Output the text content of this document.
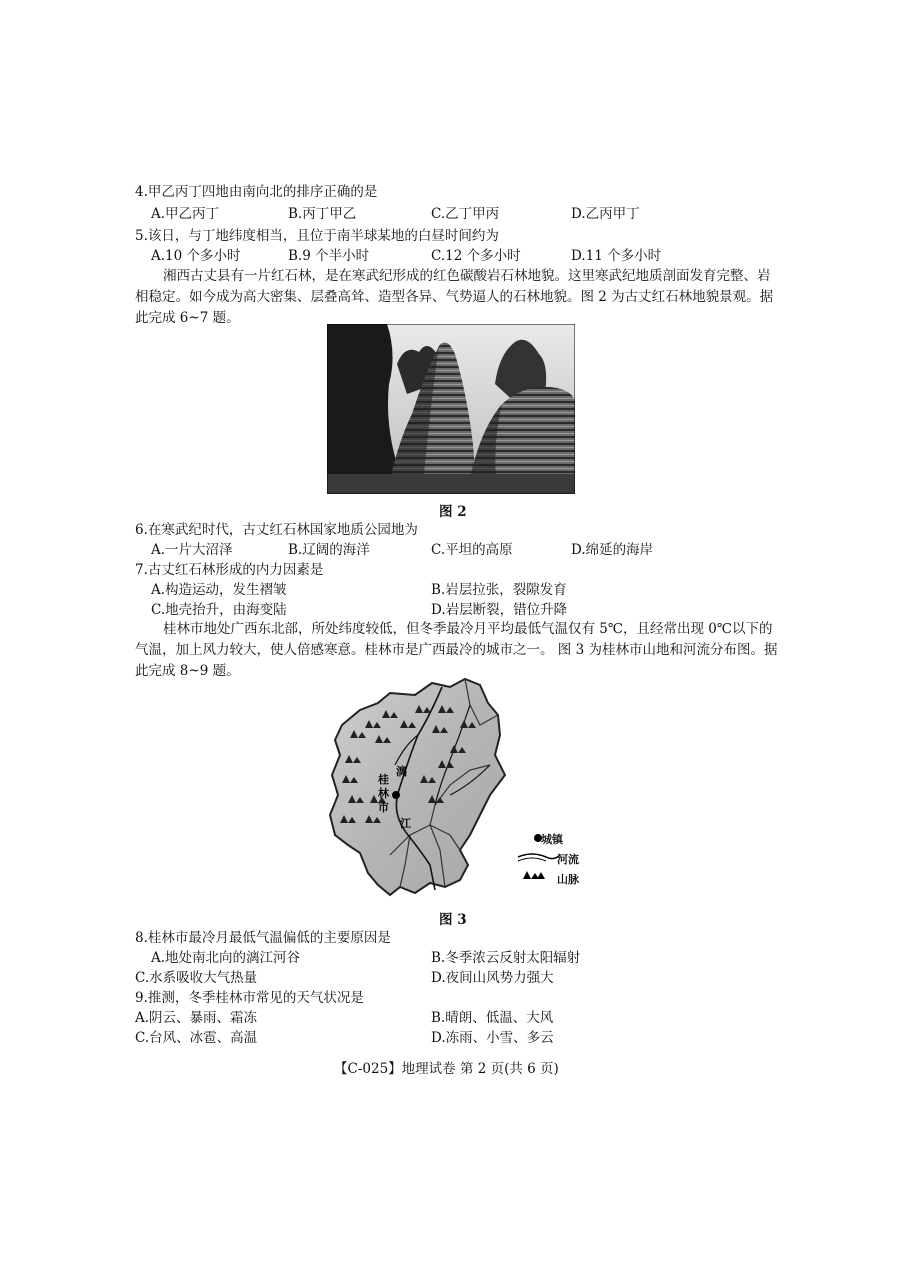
4.甲乙丙丁四地由南向北的排序正确的是
A.甲乙丙丁	B.丙丁甲乙	C.乙丁甲丙	D.乙丙甲丁
5.该日，与丁地纬度相当，且位于南半球某地的白昼时间约为
A.10 个多小时	B.9 个半小时	C.12 个多小时	D.11 个多小时
湘西古丈县有一片红石林，是在寒武纪形成的红色碳酸岩石林地貌。这里寒武纪地质剖面发育完整、岩相稳定。如今成为高大密集、层叠高耸、造型各异、气势逼人的石林地貌。图 2 为古丈红石林地貌景观。据此完成 6~7 题。
图 2
6.在寒武纪时代，古丈红石林国家地质公园地为
A.一片大沼泽	B.辽阔的海洋	C.平坦的高原	D.绵延的海岸
7.古丈红石林形成的内力因素是
A.构造运动，发生褶皱	B.岩层拉张，裂隙发育
C.地壳抬升，由海变陆	D.岩层断裂，错位升降
桂林市地处广西东北部，所处纬度较低，但冬季最冷月平均最低气温仅有 5℃，且经常出现 0℃以下的气温，加上风力较大，使人倍感寒意。桂林市是广西最冷的城市之一。 图 3 为桂林市山地和河流分布图。据此完成 8~9 题。
桂
林
市
漓
江
城镇
河流
山脉
图 3
8.桂林市最冷月最低气温偏低的主要原因是
A.地处南北向的漓江河谷	B.冬季浓云反射太阳辐射
C.水系吸收大气热量	D.夜间山风势力强大
9.推测，冬季桂林市常见的天气状况是
A.阴云、暴雨、霜冻	B.晴朗、低温、大风
C.台风、冰雹、高温	D.冻雨、小雪、多云
【C-025】地理试卷 第 2 页(共 6 页)
